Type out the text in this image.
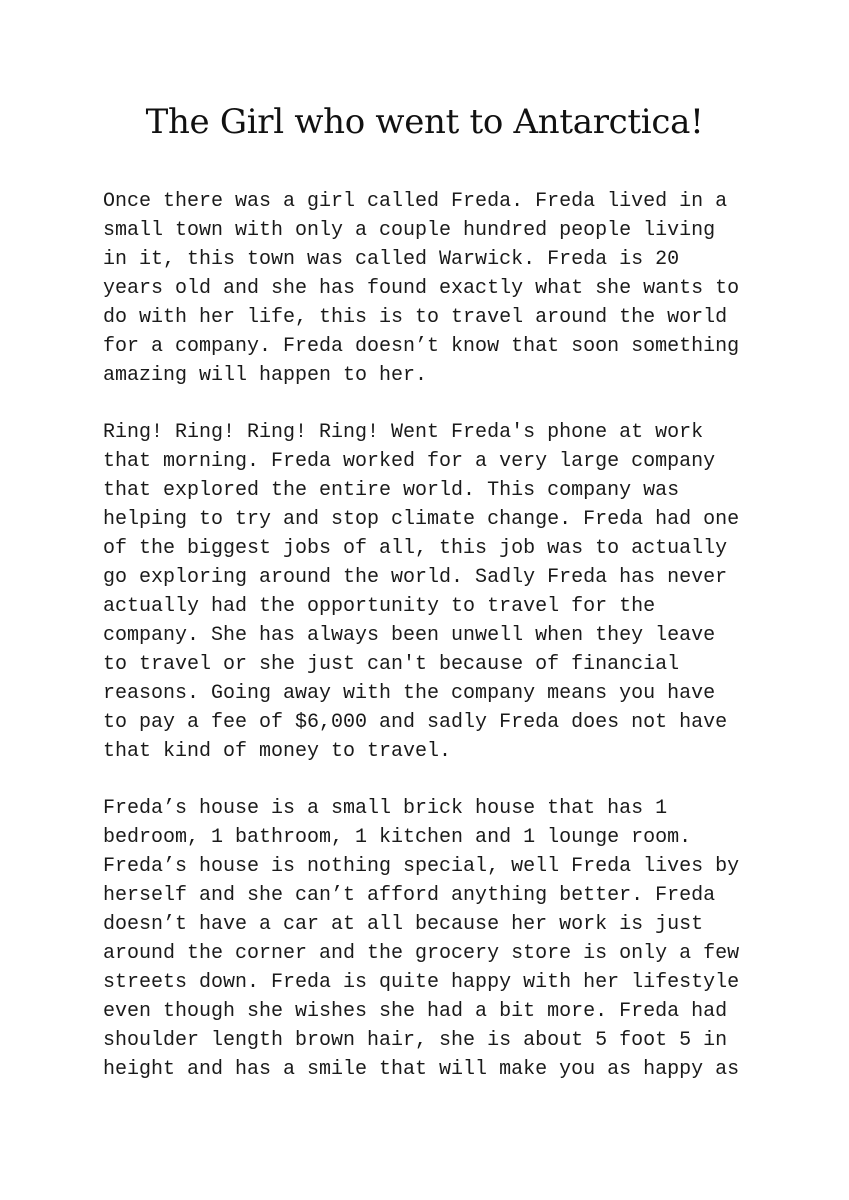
The Girl who went to Antarctica!

Once there was a girl called Freda. Freda lived in a

small town with only a couple hundred people living

in it, this town was called Warwick. Freda is 20

years old and she has found exactly what she wants to

do with her life, this is to travel around the world

for a company. Freda doesn’t know that soon something

amazing will happen to her.

Ring! Ring! Ring! Ring! Went Freda's phone at work

that morning. Freda worked for a very large company

that explored the entire world. This company was

helping to try and stop climate change. Freda had one

of the biggest jobs of all, this job was to actually

go exploring around the world. Sadly Freda has never

actually had the opportunity to travel for the

company. She has always been unwell when they leave

to travel or she just can't because of financial

reasons. Going away with the company means you have

to pay a fee of $6,000 and sadly Freda does not have

that kind of money to travel.

Freda’s house is a small brick house that has 1

bedroom, 1 bathroom, 1 kitchen and 1 lounge room.

Freda’s house is nothing special, well Freda lives by

herself and she can’t afford anything better. Freda

doesn’t have a car at all because her work is just

around the corner and the grocery store is only a few

streets down. Freda is quite happy with her lifestyle

even though she wishes she had a bit more. Freda had

shoulder length brown hair, she is about 5 foot 5 in

height and has a smile that will make you as happy as
